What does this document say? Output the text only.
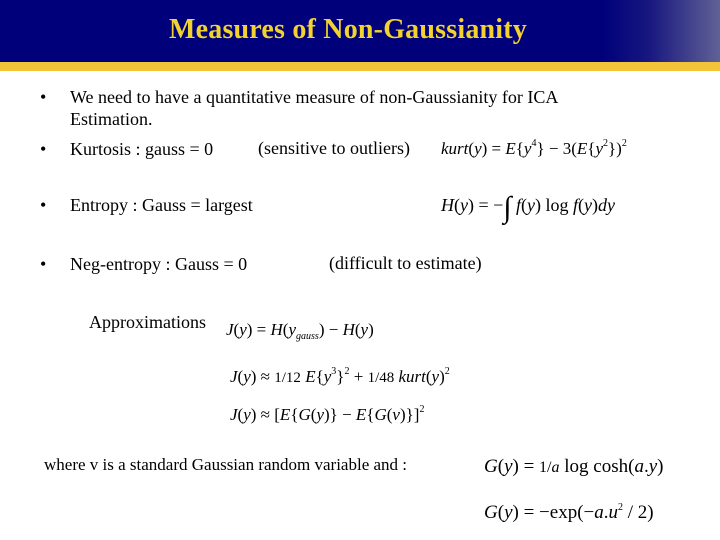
Measures of Non-Gaussianity
• We need to have a quantitative measure of non-Gaussianity for ICA
Estimation.
• Kurtosis : gauss = 0 (sensitive to outliers) kurt(y) = $E\{y^4\} - 3(E\{y^2\})^2$
• Entropy : Gauss = largest	H(y) = −∫ f(y) log f(y)dy
• Neg-entropy : Gauss = 0	(difficult to estimate)
Approximations $J(y) = H(y_{gauss}) - H(y)$
J(y) ≈ 1/12 $E\{y^3\}^2 + 1/48$ $kurt(y)^2$
$J(y) \approx [E\{G(y)\} - E\{G(v)\}]^2$
where v is a standard Gaussian random variable and :	G(y) = 1/a log cosh(a.y)
$G(y) = -\exp(-a.u^2 / 2)$
